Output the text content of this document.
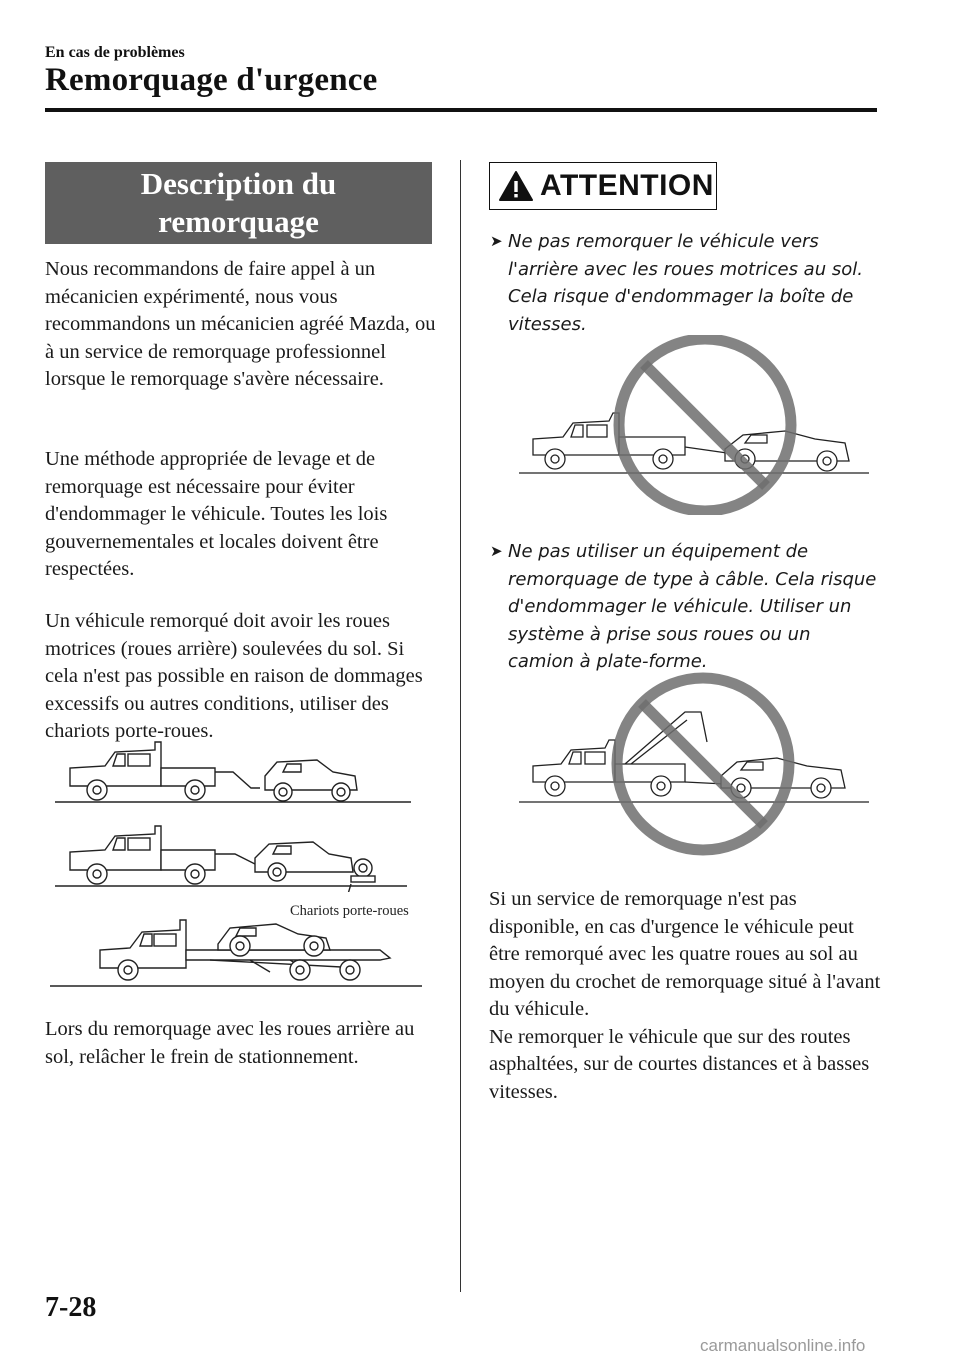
En cas de problèmes
Remorquage d'urgence
Description du
remorquage

Nous recommandons de faire appel à un mécanicien expérimenté, nous vous recommandons un mécanicien agréé Mazda, ou à un service de remorquage professionnel lorsque le remorquage s'avère nécessaire.

Une méthode appropriée de levage et de remorquage est nécessaire pour éviter d'endommager le véhicule. Toutes les lois gouvernementales et locales doivent être respectées.

Un véhicule remorqué doit avoir les roues motrices (roues arrière) soulevées du sol. Si cela n'est pas possible en raison de dommages excessifs ou autres conditions, utiliser des chariots porte-roues.

Chariots porte-roues

Lors du remorquage avec les roues arrière au sol, relâcher le frein de stationnement.

ATTENTION
➤ Ne pas remorquer le véhicule vers l'arrière avec les roues motrices au sol. Cela risque d'endommager la boîte de vitesses.
➤ Ne pas utiliser un équipement de remorquage de type à câble. Cela risque d'endommager le véhicule. Utiliser un système à prise sous roues ou un camion à plate-forme.

Si un service de remorquage n'est pas disponible, en cas d'urgence le véhicule peut être remorqué avec les quatre roues au sol au moyen du crochet de remorquage situé à l'avant du véhicule.
Ne remorquer le véhicule que sur des routes asphaltées, sur de courtes distances et à basses vitesses.

7-28
carmanualsonline.info
